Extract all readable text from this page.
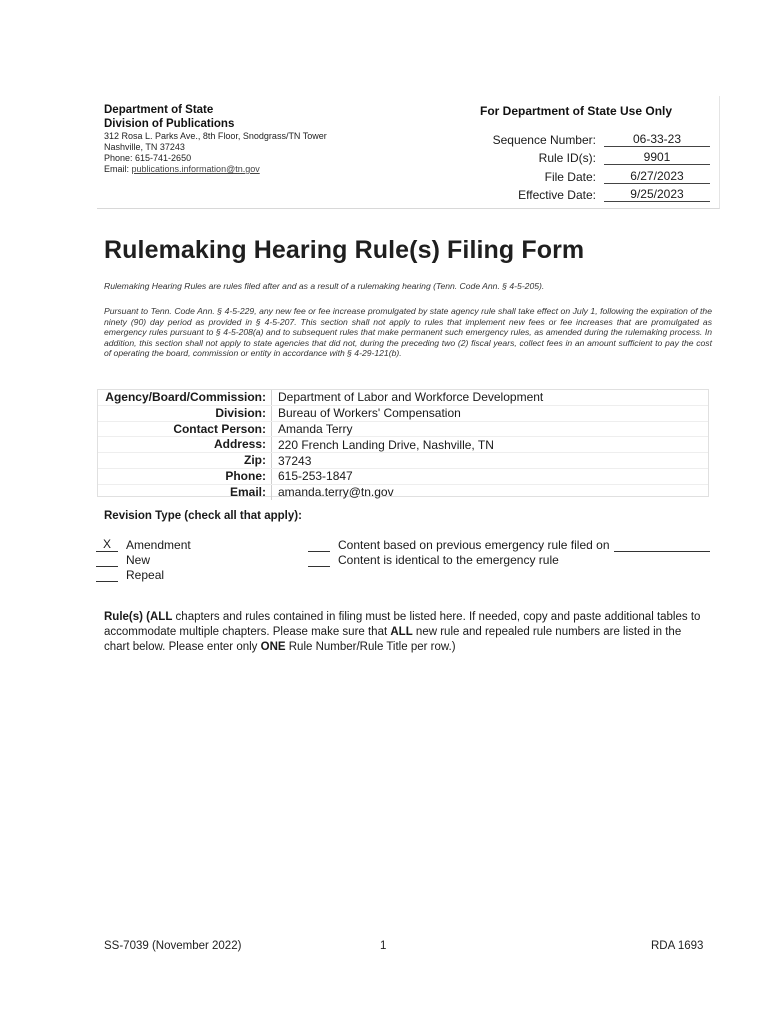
Department of State
Division of Publications
312 Rosa L. Parks Ave., 8th Floor, Snodgrass/TN Tower
Nashville, TN 37243
Phone: 615-741-2650
Email: publications.information@tn.gov
For Department of State Use Only
Sequence Number:	06-33-23
Rule ID(s):	9901
File Date:	6/27/2023
Effective Date:	9/25/2023
Rulemaking Hearing Rule(s) Filing Form
Rulemaking Hearing Rules are rules filed after and as a result of a rulemaking hearing (Tenn. Code Ann. § 4-5-205).
Pursuant to Tenn. Code Ann. § 4-5-229, any new fee or fee increase promulgated by state agency rule shall take effect on July 1, following the expiration of the ninety (90) day period as provided in § 4-5-207. This section shall not apply to rules that implement new fees or fee increases that are promulgated as emergency rules pursuant to § 4-5-208(a) and to subsequent rules that make permanent such emergency rules, as amended during the rulemaking process. In addition, this section shall not apply to state agencies that did not, during the preceding two (2) fiscal years, collect fees in an amount sufficient to pay the cost of operating the board, commission or entity in accordance with § 4-29-121(b).
Agency/Board/Commission:	Department of Labor and Workforce Development
Division:	Bureau of Workers' Compensation
Contact Person:	Amanda Terry
Address:	220 French Landing Drive, Nashville, TN
Zip:	37243
Phone:	615-253-1847
Email:	amanda.terry@tn.gov
Revision Type (check all that apply):
X	Amendment
New
Repeal
Content based on previous emergency rule filed on
Content is identical to the emergency rule
Rule(s) (ALL chapters and rules contained in filing must be listed here. If needed, copy and paste additional tables to accommodate multiple chapters. Please make sure that ALL new rule and repealed rule numbers are listed in the chart below. Please enter only ONE Rule Number/Rule Title per row.)
SS-7039 (November 2022)	1	RDA 1693
